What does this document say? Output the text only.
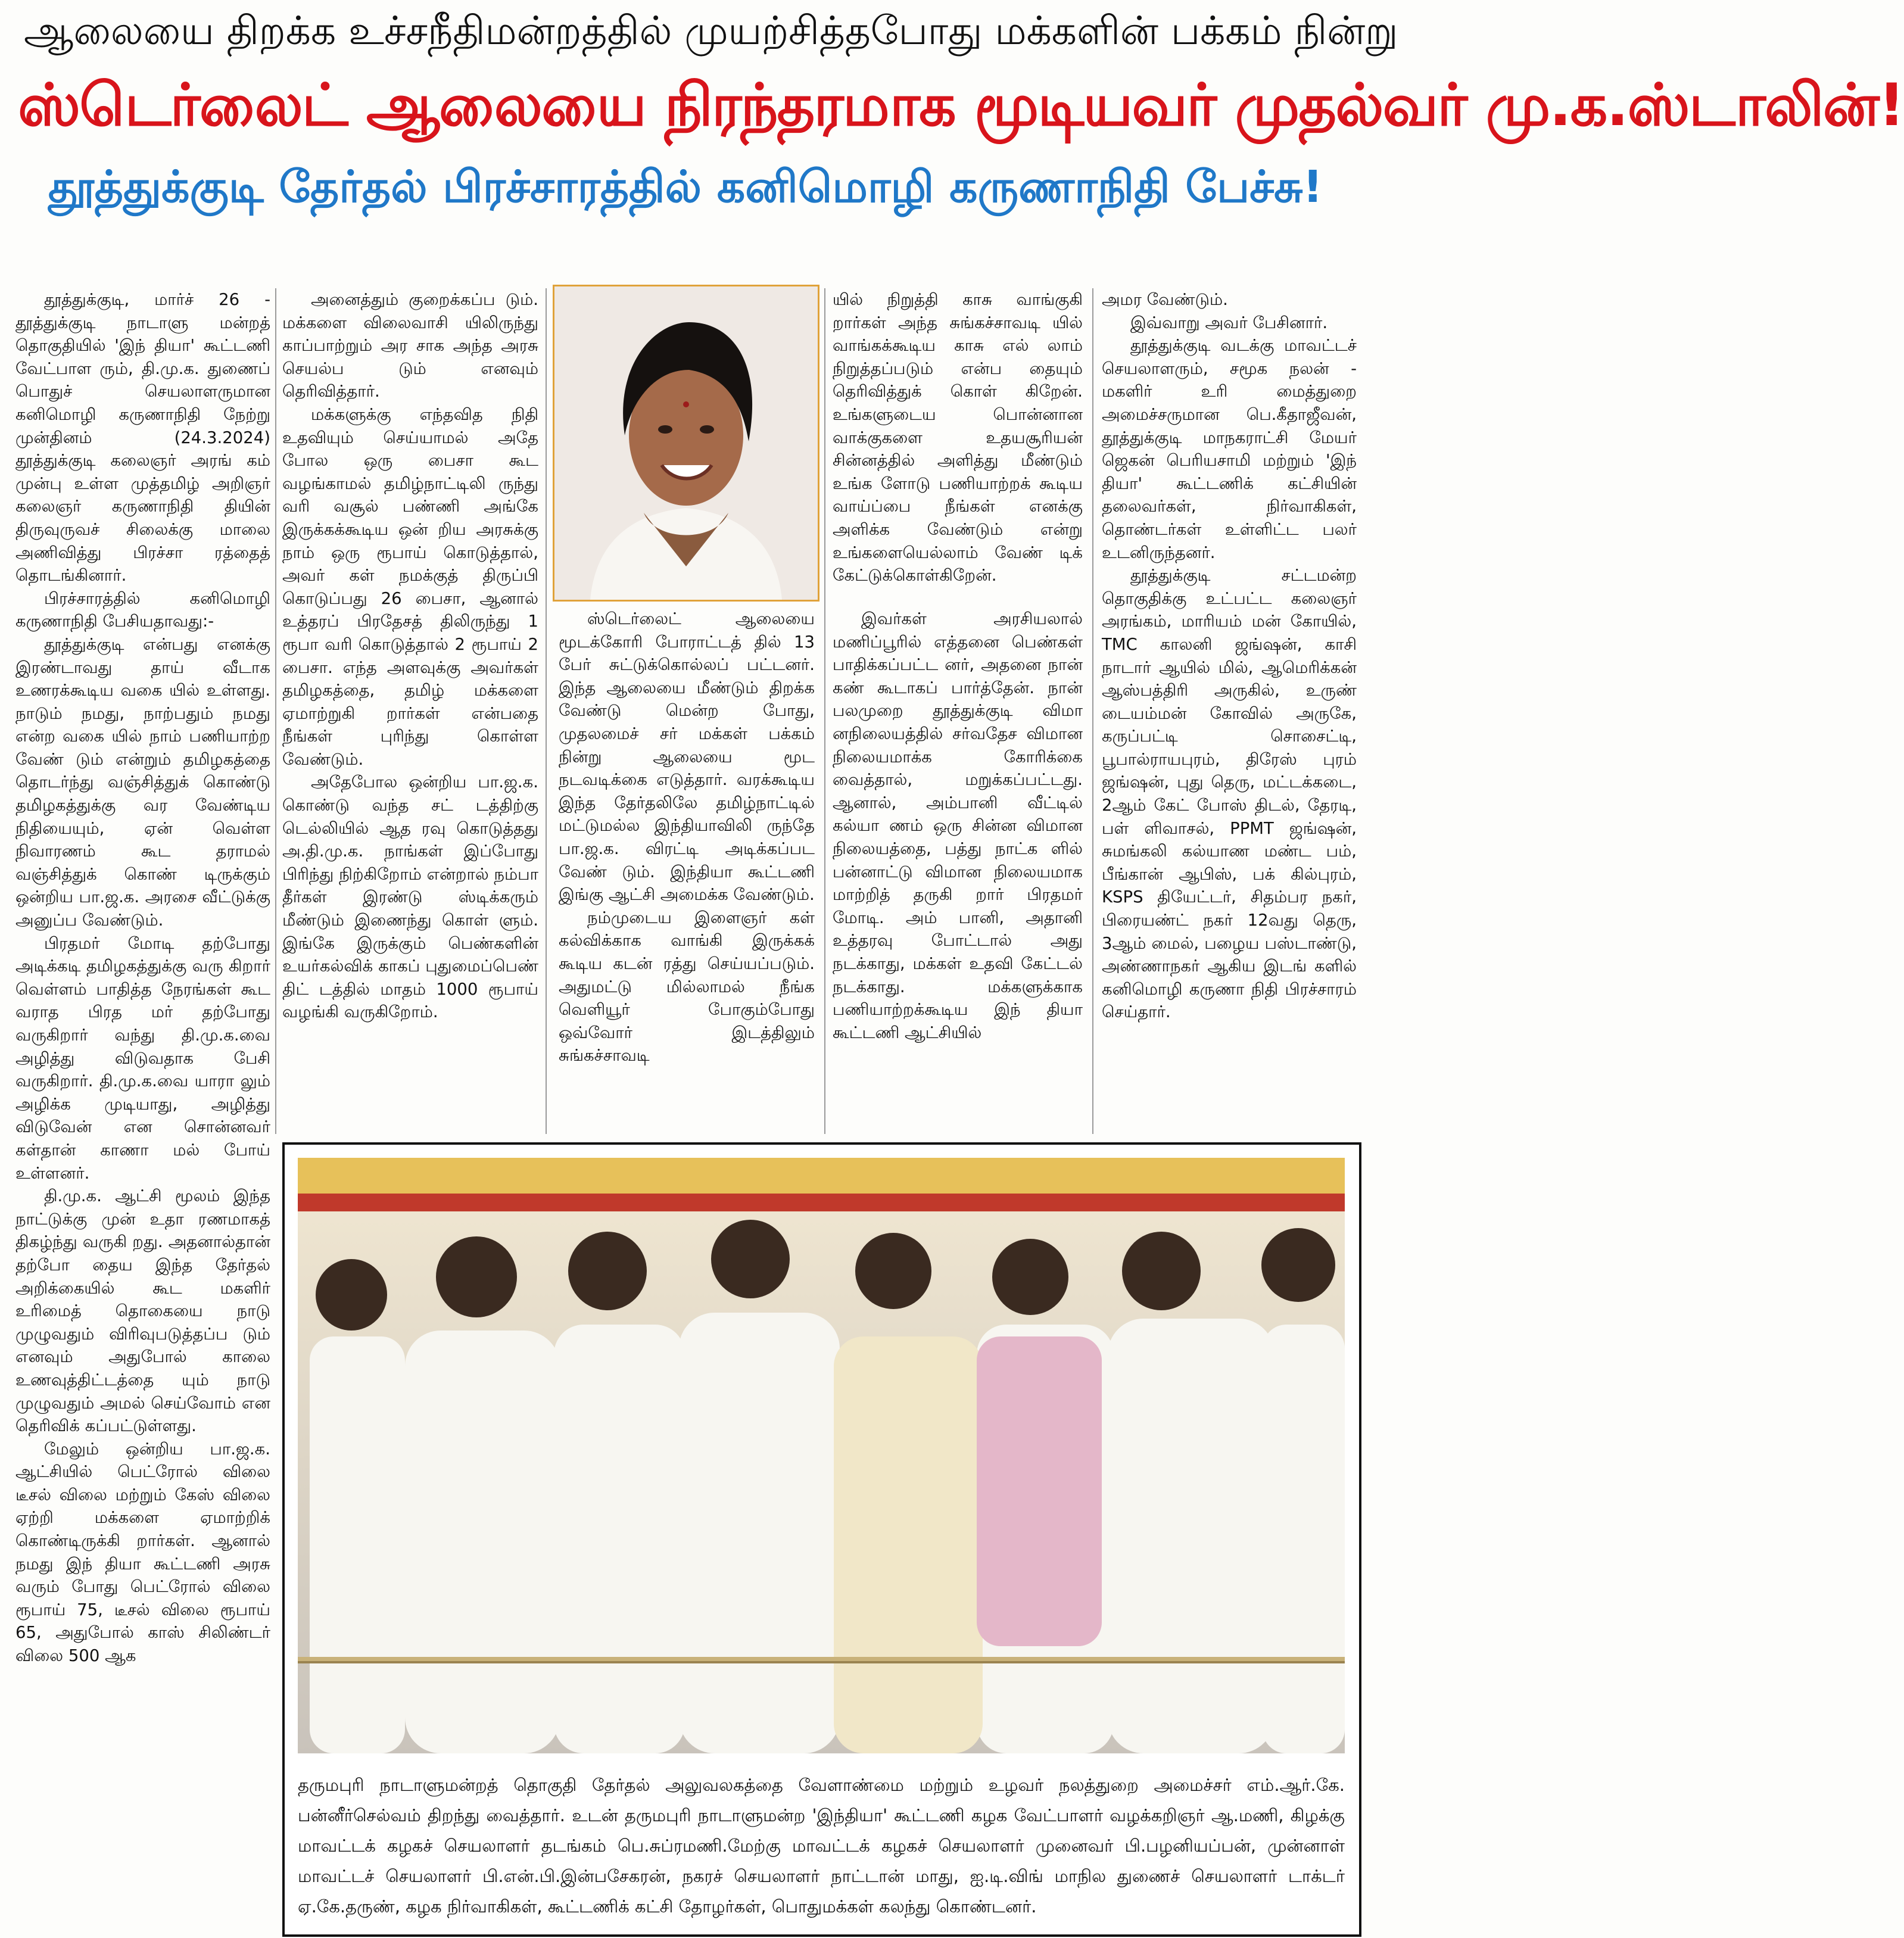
ஆலையை திறக்க உச்சநீதிமன்றத்தில் முயற்சித்தபோது மக்களின் பக்கம் நின்று
ஸ்டெர்லைட் ஆலையை நிரந்தரமாக மூடியவர் முதல்வர் மு.க.ஸ்டாலின்!
தூத்துக்குடி தேர்தல் பிரச்சாரத்தில் கனிமொழி கருணாநிதி பேச்சு!

தூத்துக்குடி, மார்ச் 26 - தூத்துக்குடி நாடாளு மன்றத் தொகுதியில் 'இந் தியா' கூட்டணி வேட்பாள ரும், தி.மு.க. துணைப் பொதுச் செயலாளருமான கனிமொழி கருணாநிதி நேற்று முன்தினம் (24.3.2024) தூத்துக்குடி கலைஞர் அரங் கம் முன்பு உள்ள முத்தமிழ் அறிஞர் கலைஞர் கருணாநிதி தியின் திருவுருவச் சிலைக்கு மாலை அணிவித்து பிரச்சா ரத்தைத் தொடங்கினார்.

பிரச்சாரத்தில் கனிமொழி கருணாநிதி பேசியதாவது:-

தூத்துக்குடி என்பது எனக்கு இரண்டாவது தாய் வீடாக உணரக்கூடிய வகை யில் உள்ளது. நாடும் நமது, நாற்பதும் நமது என்ற வகை யில் நாம் பணியாற்ற வேண் டும் என்றும் தமிழகத்தை தொடர்ந்து வஞ்சித்துக் கொண்டு தமிழகத்துக்கு வர வேண்டிய நிதியையும், ஏன் வெள்ள நிவாரணம் கூட தராமல் வஞ்சித்துக் கொண் டிருக்கும் ஒன்றிய பா.ஜ.க. அரசை வீட்டுக்கு அனுப்ப வேண்டும்.

பிரதமர் மோடி தற்போது அடிக்கடி தமிழகத்துக்கு வரு கிறார் வெள்ளம் பாதித்த நேரங்கள் கூட வராத பிரத மர் தற்போது வருகிறார் வந்து தி.மு.க.வை அழித்து விடுவதாக பேசி வருகிறார். தி.மு.க.வை யாரா லும் அழிக்க முடியாது, அழித்து விடுவேன் என சொன்னவர் கள்தான் காணா மல் போய் உள்ளனர்.

தி.மு.க. ஆட்சி மூலம் இந்த நாட்டுக்கு முன் உதா ரணமாகத் திகழ்ந்து வருகி றது. அதனால்தான் தற்போ தைய இந்த தேர்தல் அறிக்கையில் கூட மகளிர் உரிமைத் தொகையை நாடு முழுவதும் விரிவுபடுத்தப்ப டும் எனவும் அதுபோல் காலை உணவுத்திட்டத்தை யும் நாடு முழுவதும் அமல் செய்வோம் என தெரிவிக் கப்பட்டுள்ளது.

மேலும் ஒன்றிய பா.ஜ.க. ஆட்சியில் பெட்ரோல் விலை டீசல் விலை மற்றும் கேஸ் விலை ஏற்றி மக்களை ஏமாற்றிக் கொண்டிருக்கி றார்கள். ஆனால் நமது இந் தியா கூட்டணி அரசு வரும் போது பெட்ரோல் விலை ரூபாய் 75, டீசல் விலை ரூபாய் 65, அதுபோல் காஸ் சிலிண்டர் விலை 500 ஆக

அனைத்தும் குறைக்கப்ப டும். மக்களை விலைவாசி யிலிருந்து காப்பாற்றும் அர சாக அந்த அரசு செயல்ப டும் எனவும் தெரிவித்தார்.

மக்களுக்கு எந்தவித நிதி உதவியும் செய்யாமல் அதே போல ஒரு பைசா கூட வழங்காமல் தமிழ்நாட்டிலி ருந்து வரி வசூல் பண்ணி அங்கே இருக்கக்கூடிய ஒன் றிய அரசுக்கு நாம் ஒரு ரூபாய் கொடுத்தால், அவர் கள் நமக்குத் திருப்பி கொடுப்பது 26 பைசா, ஆனால் உத்தரப் பிரதேசத் திலிருந்து 1 ரூபா வரி கொடுத்தால் 2 ரூபாய் 2 பைசா. எந்த அளவுக்கு அவர்கள் தமிழகத்தை, தமிழ் மக்களை ஏமாற்றுகி றார்கள் என்பதை நீங்கள் புரிந்து கொள்ள வேண்டும்.

அதேபோல ஒன்றிய பா.ஜ.க. கொண்டு வந்த சட் டத்திற்கு டெல்லியில் ஆத ரவு கொடுத்தது அ.தி.மு.க. நாங்கள் இப்போது பிரிந்து நிற்கிறோம் என்றால் நம்பா தீர்கள் இரண்டு ஸ்டிக்கரும் மீண்டும் இணைந்து கொள் ளும். இங்கே இருக்கும் பெண்களின் உயர்கல்விக் காகப் புதுமைப்பெண் திட் டத்தில் மாதம் 1000 ரூபாய் வழங்கி வருகிறோம்.

ஸ்டெர்லைட் ஆலையை மூடக்கோரி போராட்டத் தில் 13 பேர் சுட்டுக்கொல்லப் பட்டனர். இந்த ஆலையை மீண்டும் திறக்க வேண்டு மென்ற போது, முதலமைச் சர் மக்கள் பக்கம் நின்று ஆலையை மூட நடவடிக்கை எடுத்தார். வரக்கூடிய இந்த தேர்தலிலே தமிழ்நாட்டில் மட்டுமல்ல இந்தியாவிலி ருந்தே பா.ஜ.க. விரட்டி அடிக்கப்பட வேண் டும். இந்தியா கூட்டணி இங்கு ஆட்சி அமைக்க வேண்டும்.

நம்முடைய இளைஞர் கள் கல்விக்காக வாங்கி இருக்கக் கூடிய கடன் ரத்து செய்யப்படும். அதுமட்டு மில்லாமல் நீங்க வெளியூர் போகும்போது ஒவ்வோர் இடத்திலும் சுங்கச்சாவடி

யில் நிறுத்தி காசு வாங்குகி றார்கள் அந்த சுங்கச்சாவடி யில் வாங்கக்கூடிய காசு எல் லாம் நிறுத்தப்படும் என்ப தையும் தெரிவித்துக் கொள் கிறேன். உங்களுடைய பொன்னான வாக்குகளை உதயசூரியன் சின்னத்தில் அளித்து மீண்டும் உங்க ளோடு பணியாற்றக் கூடிய வாய்ப்பை நீங்கள் எனக்கு அளிக்க வேண்டும் என்று உங்களையெல்லாம் வேண் டிக் கேட்டுக்கொள்கிறேன்.

இவர்கள் அரசியலால் மணிப்பூரில் எத்தனை பெண்கள் பாதிக்கப்பட்ட னர், அதனை நான் கண் கூடாகப் பார்த்தேன். நான் பலமுறை தூத்துக்குடி விமா னநிலையத்தில் சர்வதேச விமான நிலையமாக்க கோரிக்கை வைத்தால், மறுக்கப்பட்டது. ஆனால், அம்பானி வீட்டில் கல்யா ணம் ஒரு சின்ன விமான நிலையத்தை, பத்து நாட்க ளில் பன்னாட்டு விமான நிலையமாக மாற்றித் தருகி றார் பிரதமர் மோடி. அம் பானி, அதானி உத்தரவு போட்டால் அது நடக்காது, மக்கள் உதவி கேட்டல் நடக்காது. மக்களுக்காக பணியாற்றக்கூடிய இந் தியா கூட்டணி ஆட்சியில்

அமர வேண்டும்.

இவ்வாறு அவர் பேசினார்.

தூத்துக்குடி வடக்கு மாவட்டச் செயலாளரும், சமூக நலன் - மகளிர் உரி மைத்துறை அமைச்சருமான பெ.கீதாஜீவன், தூத்துக்குடி மாநகராட்சி மேயர் ஜெகன் பெரியசாமி மற்றும் 'இந் தியா' கூட்டணிக் கட்சியின் தலைவர்கள், நிர்வாகிகள், தொண்டர்கள் உள்ளிட்ட பலர் உடனிருந்தனர்.

தூத்துக்குடி சட்டமன்ற தொகுதிக்கு உட்பட்ட கலைஞர் அரங்கம், மாரியம் மன் கோயில், TMC காலனி ஜங்ஷன், காசி நாடார் ஆயில் மில், ஆமெரிக்கன் ஆஸ்பத்திரி அருகில், உருண் டையம்மன் கோவில் அருகே, கருப்பட்டி சொசைட்டி, பூபால்ராயபுரம், திரேஸ் புரம் ஜங்ஷன், புது தெரு, மட்டக்கடை, 2ஆம் கேட் போஸ் திடல், தேரடி, பள் ளிவாசல், PPMT ஜங்ஷன், சுமங்கலி கல்யாண மண்ட பம், பீங்கான் ஆபிஸ், பக் கில்புரம், KSPS தியேட்டர், சிதம்பர நகர், பிரையண்ட் நகர் 12வது தெரு, 3ஆம் மைல், பழைய பஸ்டாண்டு, அண்ணாநகர் ஆகிய இடங் களில் கனிமொழி கருணா நிதி பிரச்சாரம் செய்தார்.

தருமபுரி நாடாளுமன்றத் தொகுதி தேர்தல் அலுவலகத்தை வேளாண்மை மற்றும் உழவர் நலத்துறை அமைச்சர் எம்.ஆர்.கே. பன்னீர்செல்வம் திறந்து வைத்தார். உடன் தருமபுரி நாடாளுமன்ற 'இந்தியா' கூட்டணி கழக வேட்பாளர் வழக்கறிஞர் ஆ.மணி, கிழக்கு மாவட்டக் கழகச் செயலாளர் தடங்கம் பெ.சுப்ரமணி.மேற்கு மாவட்டக் கழகச் செயலாளர் முனைவர் பி.பழனியப்பன், முன்னாள் மாவட்டச் செயலாளர் பி.என்.பி.இன்பசேகரன், நகரச் செயலாளர் நாட்டான் மாது, ஐ.டி.விங் மாநில துணைச் செயலாளர் டாக்டர் ஏ.கே.தருண், கழக நிர்வாகிகள், கூட்டணிக் கட்சி தோழர்கள், பொதுமக்கள் கலந்து கொண்டனர்.
